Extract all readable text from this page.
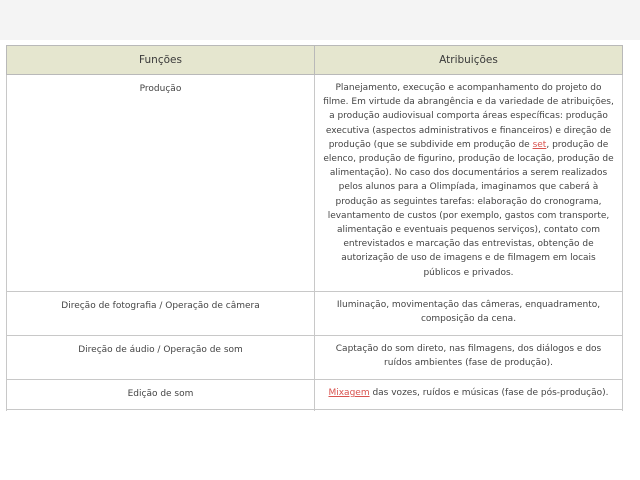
Funções	Atribuições
Produção	Planejamento, execução e acompanhamento do projeto do filme. Em virtude da abrangência e da variedade de atribuições, a produção audiovisual comporta áreas específicas: produção executiva (aspectos administrativos e financeiros) e direção de produção (que se subdivide em produção de set, produção de elenco, produção de figurino, produção de locação, produção de alimentação). No caso dos documentários a serem realizados pelos alunos para a Olimpíada, imaginamos que caberá à produção as seguintes tarefas: elaboração do cronograma, levantamento de custos (por exemplo, gastos com transporte, alimentação e eventuais pequenos serviços), contato com entrevistados e marcação das entrevistas, obtenção de autorização de uso de imagens e de filmagem em locais públicos e privados.
Direção de fotografia / Operação de câmera	Iluminação, movimentação das câmeras, enquadramento, composição da cena.
Direção de áudio / Operação de som	Captação do som direto, nas filmagens, dos diálogos e dos ruídos ambientes (fase de produção).
Edição de som	Mixagem das vozes, ruídos e músicas (fase de pós-produção).
